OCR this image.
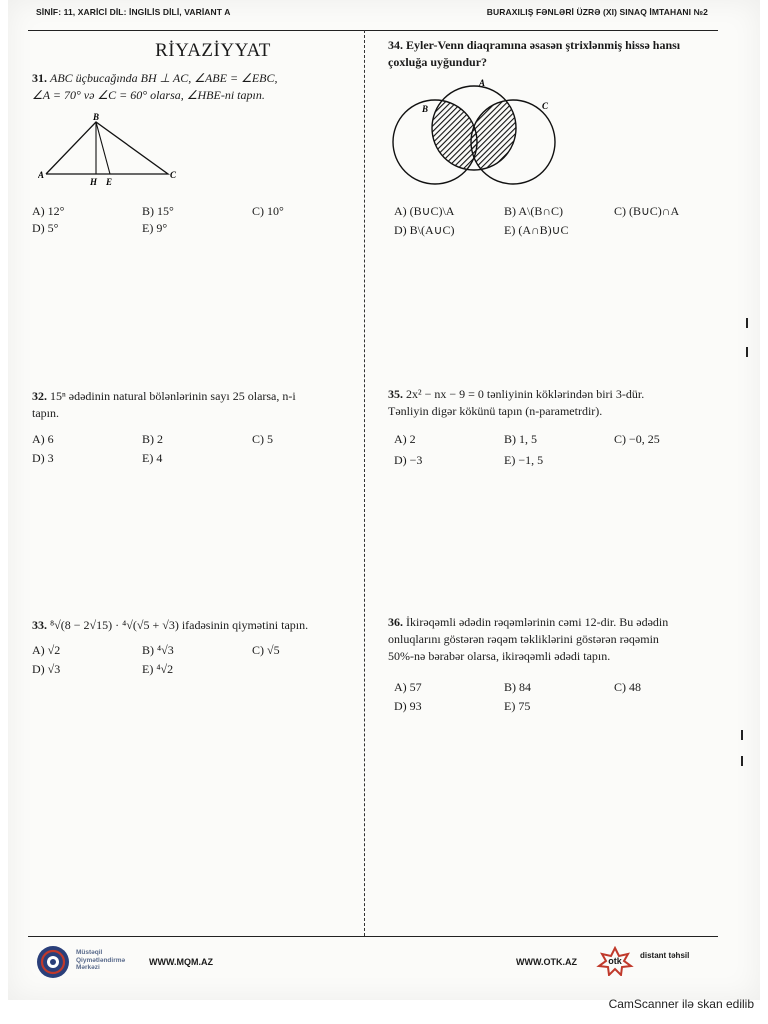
SİNİF: 11, XARİCİ DİL: İNGİLİS DİLİ, VARİANT A	BURAXILIŞ FƏNLƏRİ ÜZRƏ (XI) SINAQ İMTAHANI №2
RİYAZİYYAT
31. ABC üçbucağında BH ⊥ AC, ∠ABE = ∠EBC,
∠A = 70° və ∠C = 60° olarsa, ∠HBE-ni tapın.
B
A
H E
C
A) 12°	B) 15°	C) 10°
D) 5°	E) 9°
32. 15ⁿ ədədinin natural bölənlərinin sayı 25 olarsa, n-i
tapın.
A) 6	B) 2	C) 5
D) 3	E) 4
33. ⁸√(8 − 2√15) · ⁴√(√5 + √3) ifadəsinin qiymətini tapın.
A) √2	B) ⁴√3	C) √5
D) √3	E) ⁴√2
34. Eyler-Venn diaqramına əsasən ştrixlənmiş hissə hansı
çoxluğa uyğundur?
A
B	C
A) (B∪C)\A	B) A\(B∩C)	C) (B∪C)∩A
D) B\(A∪C)	E) (A∩B)∪C
35. 2x² − nx − 9 = 0 tənliyinin köklərindən biri 3-dür.
Tənliyin digər kökünü tapın (n-parametrdir).
A) 2	B) 1, 5	C) −0, 25
D) −3	E) −1, 5
36. İkirəqəmli ədədin rəqəmlərinin cəmi 12-dir. Bu ədədin
onluqlarını göstərən rəqəm təkliklərini göstərən rəqəmin
50%-nə bərabər olarsa, ikirəqəmli ədədi tapın.
A) 57	B) 84	C) 48
D) 93	E) 75
Müstəqil Qiymətləndirmə Mərkəzi
WWW.MQM.AZ	WWW.OTK.AZ	otk
distant təhsil
CamScanner ilə skan edilib
